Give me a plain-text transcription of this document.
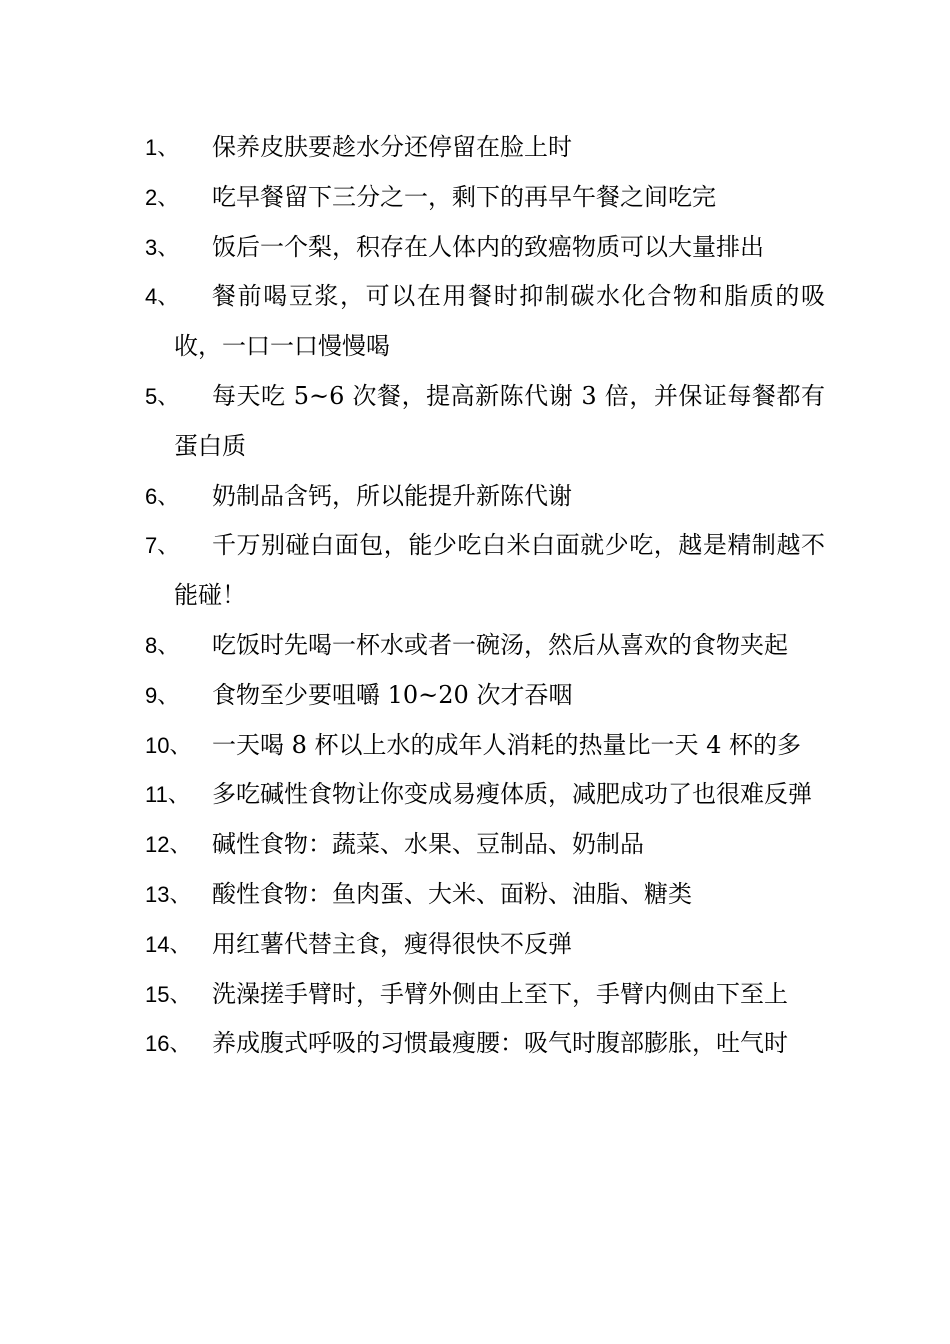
1、	保养皮肤要趁水分还停留在脸上时
2、	吃早餐留下三分之一，剩下的再早午餐之间吃完
3、	饭后一个梨，积存在人体内的致癌物质可以大量排出
4、	餐前喝豆浆，可以在用餐时抑制碳水化合物和脂质的吸收，一口一口慢慢喝
5、	每天吃 5~6 次餐，提高新陈代谢 3 倍，并保证每餐都有蛋白质
6、	奶制品含钙，所以能提升新陈代谢
7、	千万别碰白面包，能少吃白米白面就少吃，越是精制越不能碰！
8、	吃饭时先喝一杯水或者一碗汤，然后从喜欢的食物夹起
9、	食物至少要咀嚼 10~20 次才吞咽
10、 一天喝 8 杯以上水的成年人消耗的热量比一天 4 杯的多
11、 多吃碱性食物让你变成易瘦体质，减肥成功了也很难反弹
12、 碱性食物：蔬菜、水果、豆制品、奶制品
13、 酸性食物：鱼肉蛋、大米、面粉、油脂、糖类
14、 用红薯代替主食，瘦得很快不反弹
15、 洗澡搓手臂时，手臂外侧由上至下，手臂内侧由下至上
16、 养成腹式呼吸的习惯最瘦腰：吸气时腹部膨胀，吐气时
